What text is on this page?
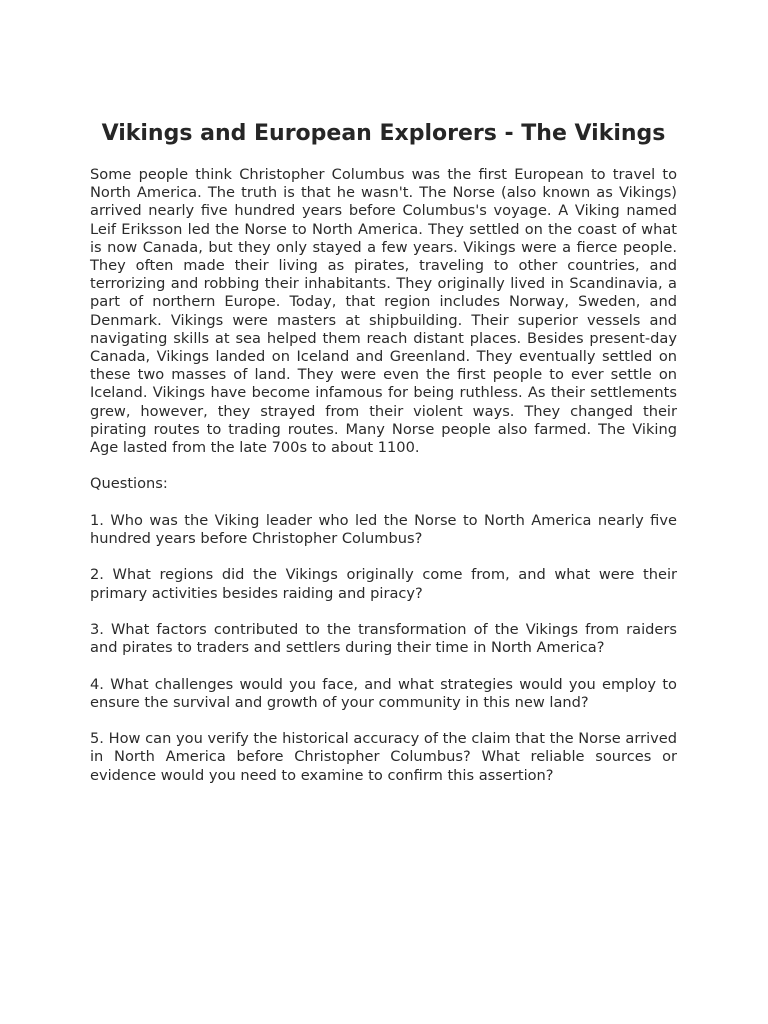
Vikings and European Explorers - The Vikings

Some people think Christopher Columbus was the first European to travel to North America. The truth is that he wasn't. The Norse (also known as Vikings) arrived nearly five hundred years before Columbus's voyage. A Viking named Leif Eriksson led the Norse to North America. They settled on the coast of what is now Canada, but they only stayed a few years. Vikings were a fierce people. They often made their living as pirates, traveling to other countries, and terrorizing and robbing their inhabitants. They originally lived in Scandinavia, a part of northern Europe. Today, that region includes Norway, Sweden, and Denmark. Vikings were masters at shipbuilding. Their superior vessels and navigating skills at sea helped them reach distant places. Besides present-day Canada, Vikings landed on Iceland and Greenland. They eventually settled on these two masses of land. They were even the first people to ever settle on Iceland. Vikings have become infamous for being ruthless. As their settlements grew, however, they strayed from their violent ways. They changed their pirating routes to trading routes. Many Norse people also farmed. The Viking Age lasted from the late 700s to about 1100.

Questions:

1. Who was the Viking leader who led the Norse to North America nearly five hundred years before Christopher Columbus?

2. What regions did the Vikings originally come from, and what were their primary activities besides raiding and piracy?

3. What factors contributed to the transformation of the Vikings from raiders and pirates to traders and settlers during their time in North America?

4. What challenges would you face, and what strategies would you employ to ensure the survival and growth of your community in this new land?

5. How can you verify the historical accuracy of the claim that the Norse arrived in North America before Christopher Columbus? What reliable sources or evidence would you need to examine to confirm this assertion?
